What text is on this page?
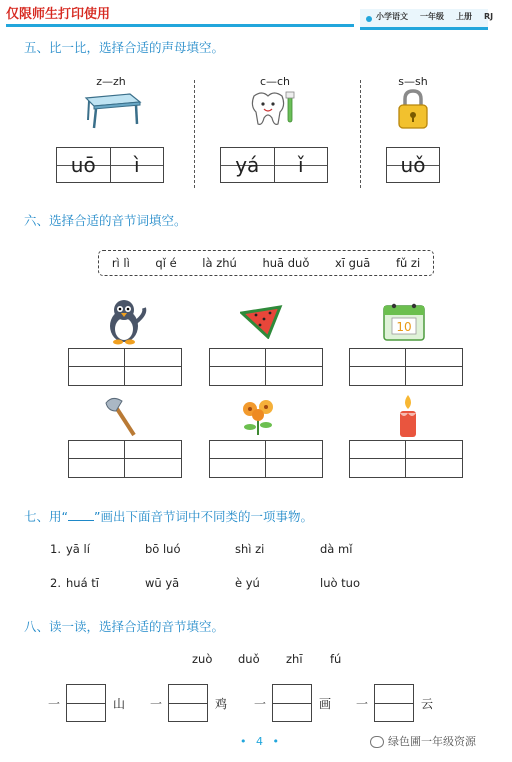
仅限师生打印使用	小学语文 一年级 上册 RJ
五、比一比，选择合适的声母填空。
z—zh
uō ì
c—ch
yá ǐ
s—sh
uǒ
六、选择合适的音节词填空。
rì lì qǐ é là zhú huā duǒ xī guā fǔ zi
10
七、用“ ”画出下面音节词中不同类的一项事物。
1. yā lí	bō luó	shì zi	dà mǐ
2. huá tī	wū yā	è yú	luò tuo
八、读一读，选择合适的音节填空。
zuò duǒ zhī fú
一	山 一	鸡 一	画 一	云
• 4 •	绿色圃一年级资源
